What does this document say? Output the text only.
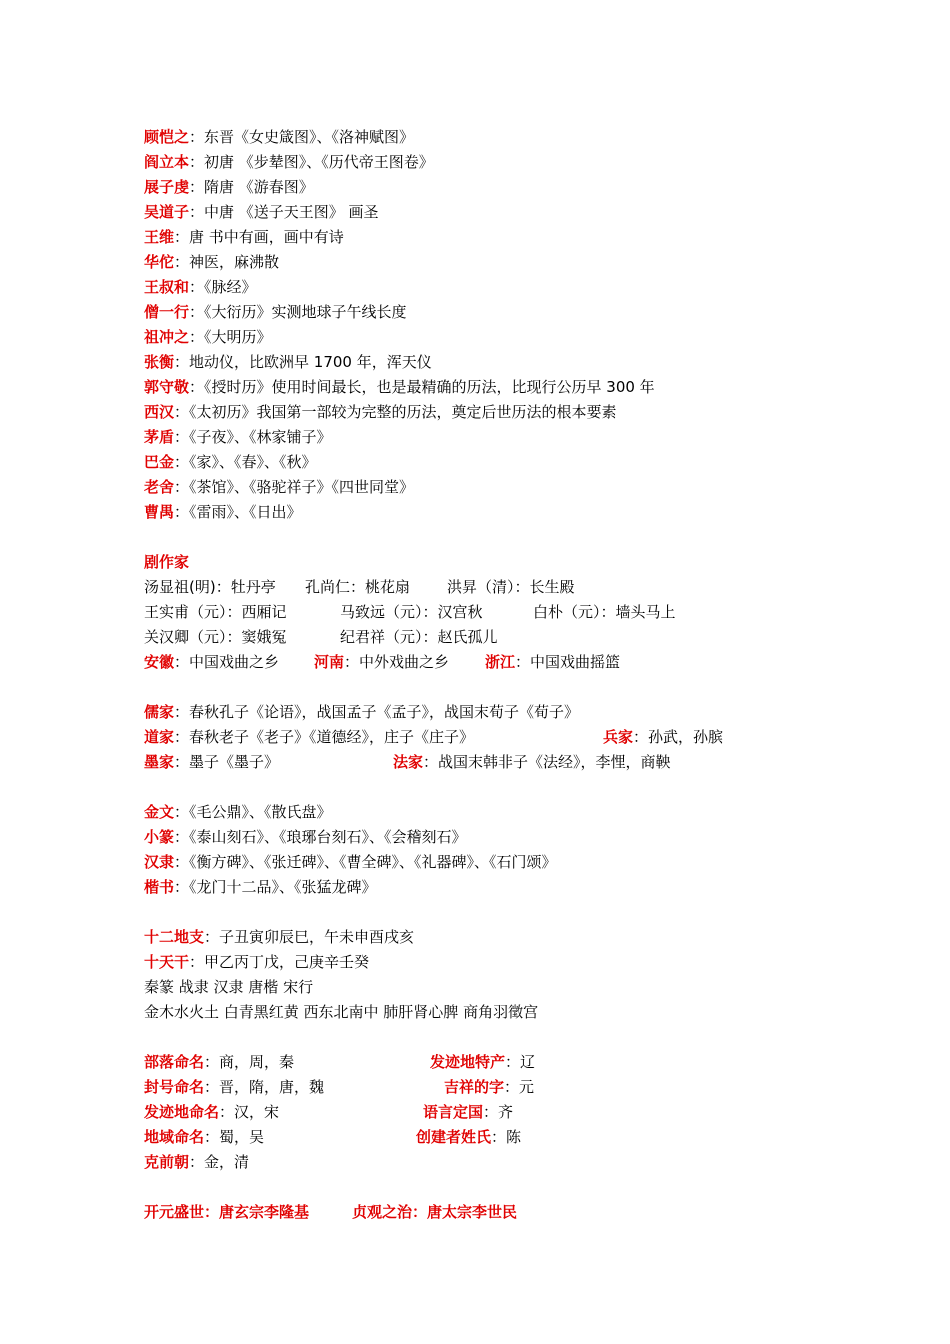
顾恺之：东晋《女史箴图》、《洛神赋图》
阎立本：初唐 《步辇图》、《历代帝王图卷》
展子虔：隋唐 《游春图》
吴道子：中唐 《送子天王图》 画圣
王维：唐 书中有画，画中有诗
华佗：神医，麻沸散
王叔和：《脉经》
僧一行：《大衍历》实测地球子午线长度
祖冲之：《大明历》
张衡：地动仪，比欧洲早 1700 年，浑天仪
郭守敬：《授时历》使用时间最长，也是最精确的历法，比现行公历早 300 年
西汉：《太初历》我国第一部较为完整的历法，奠定后世历法的根本要素
茅盾：《子夜》、《林家铺子》
巴金：《家》、《春》、《秋》
老舍：《茶馆》、《骆驼祥子》《四世同堂》
曹禺：《雷雨》、《日出》
剧作家
汤显祖(明)：牡丹亭 孔尚仁：桃花扇 洪昇（清）：长生殿
王实甫（元）：西厢记	马致远（元）：汉宫秋	白朴（元）：墙头马上
关汉卿（元）：窦娥冤	纪君祥（元）：赵氏孤儿
安徽：中国戏曲之乡 河南：中外戏曲之乡 浙江：中国戏曲摇篮
儒家：春秋孔子《论语》，战国孟子《孟子》，战国末荀子《荀子》
道家：春秋老子《老子》《道德经》，庄子《庄子》	兵家：孙武，孙膑
墨家：墨子《墨子》	法家：战国末韩非子《法经》，李悝，商鞅
金文：《毛公鼎》、《散氏盘》
小篆：《泰山刻石》、《琅琊台刻石》、《会稽刻石》
汉隶：《衡方碑》、《张迁碑》、《曹全碑》、《礼器碑》、《石门颂》
楷书：《龙门十二品》、《张猛龙碑》
十二地支：子丑寅卯辰巳，午未申酉戌亥
十天干：甲乙丙丁戊，己庚辛壬癸
秦篆 战隶 汉隶 唐楷 宋行
金木水火土 白青黑红黄 西东北南中 肺肝肾心脾 商角羽徵宫
部落命名：商，周，秦	发迹地特产：辽
封号命名：晋，隋，唐，魏	吉祥的字：元
发迹地命名：汉，宋	语言定国：齐
地域命名：蜀，吴	创建者姓氏：陈
克前朝：金，清
开元盛世：唐玄宗李隆基	贞观之治：唐太宗李世民
